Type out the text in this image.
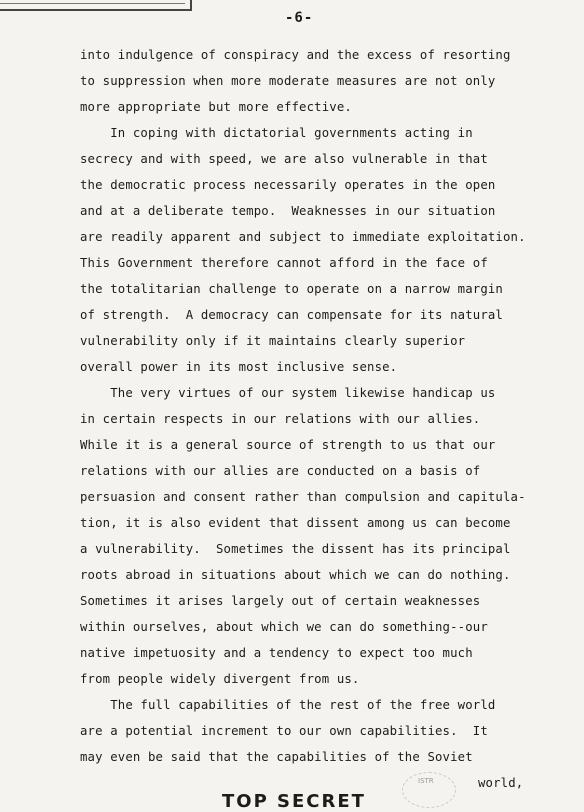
-6-
into indulgence of conspiracy and the excess of resorting
to suppression when more moderate measures are not only
more appropriate but more effective.
In coping with dictatorial governments acting in
secrecy and with speed, we are also vulnerable in that
the democratic process necessarily operates in the open
and at a deliberate tempo.  Weaknesses in our situation
are readily apparent and subject to immediate exploitation.
This Government therefore cannot afford in the face of
the totalitarian challenge to operate on a narrow margin
of strength.  A democracy can compensate for its natural
vulnerability only if it maintains clearly superior
overall power in its most inclusive sense.
The very virtues of our system likewise handicap us
in certain respects in our relations with our allies.
While it is a general source of strength to us that our
relations with our allies are conducted on a basis of
persuasion and consent rather than compulsion and capitula-
tion, it is also evident that dissent among us can become
a vulnerability.  Sometimes the dissent has its principal
roots abroad in situations about which we can do nothing.
Sometimes it arises largely out of certain weaknesses
within ourselves, about which we can do something--our
native impetuosity and a tendency to expect too much
from people widely divergent from us.
The full capabilities of the rest of the free world
are a potential increment to our own capabilities.  It
may even be said that the capabilities of the Soviet
world,
ISTR
TOP SECRET
